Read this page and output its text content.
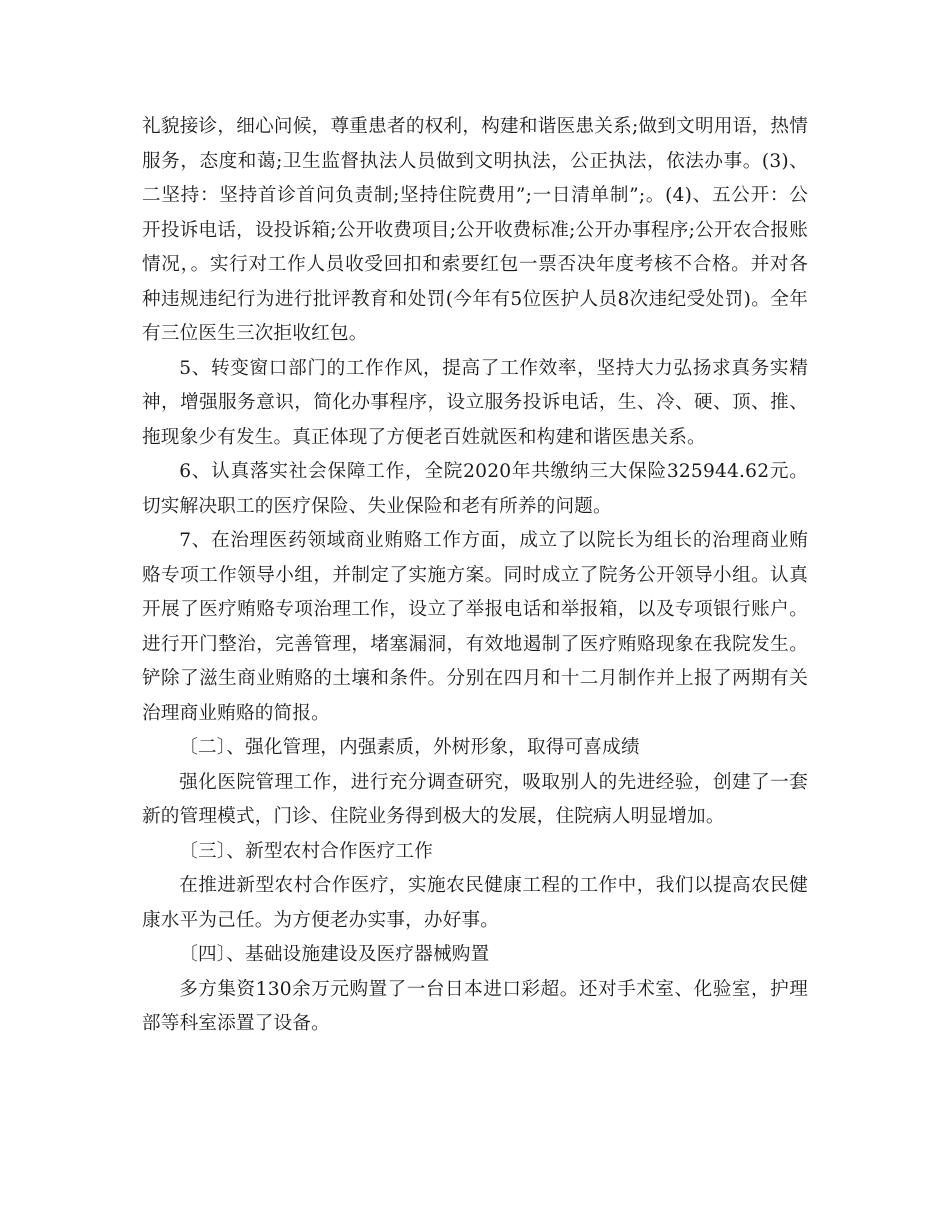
礼貌接诊，细心问候，尊重患者的权利，构建和谐医患关系;做到文明用语，热情服务，态度和蔼;卫生监督执法人员做到文明执法，公正执法，依法办事。(3)、二坚持：坚持首诊首问负责制;坚持住院费用”;一日清单制”;。(4)、五公开：公开投诉电话，设投诉箱;公开收费项目;公开收费标准;公开办事程序;公开农合报账情况，。实行对工作人员收受回扣和索要红包一票否决年度考核不合格。并对各种违规违纪行为进行批评教育和处罚(今年有5位医护人员8次违纪受处罚)。全年有三位医生三次拒收红包。

5、转变窗口部门的工作作风，提高了工作效率，坚持大力弘扬求真务实精神，增强服务意识，简化办事程序，设立服务投诉电话，生、冷、硬、顶、推、拖现象少有发生。真正体现了方便老百姓就医和构建和谐医患关系。

6、认真落实社会保障工作，全院2020年共缴纳三大保险325944.62元。切实解决职工的医疗保险、失业保险和老有所养的问题。

7、在治理医药领域商业贿赂工作方面，成立了以院长为组长的治理商业贿赂专项工作领导小组，并制定了实施方案。同时成立了院务公开领导小组。认真开展了医疗贿赂专项治理工作，设立了举报电话和举报箱，以及专项银行账户。进行开门整治，完善管理，堵塞漏洞，有效地遏制了医疗贿赂现象在我院发生。铲除了滋生商业贿赂的土壤和条件。分别在四月和十二月制作并上报了两期有关治理商业贿赂的简报。

〔二〕、强化管理，内强素质，外树形象，取得可喜成绩

强化医院管理工作，进行充分调查研究，吸取别人的先进经验，创建了一套新的管理模式，门诊、住院业务得到极大的发展，住院病人明显增加。

〔三〕、新型农村合作医疗工作

在推进新型农村合作医疗，实施农民健康工程的工作中，我们以提高农民健康水平为己任。为方便老办实事，办好事。

〔四〕、基础设施建设及医疗器械购置

多方集资130余万元购置了一台日本进口彩超。还对手术室、化验室，护理部等科室添置了设备。
